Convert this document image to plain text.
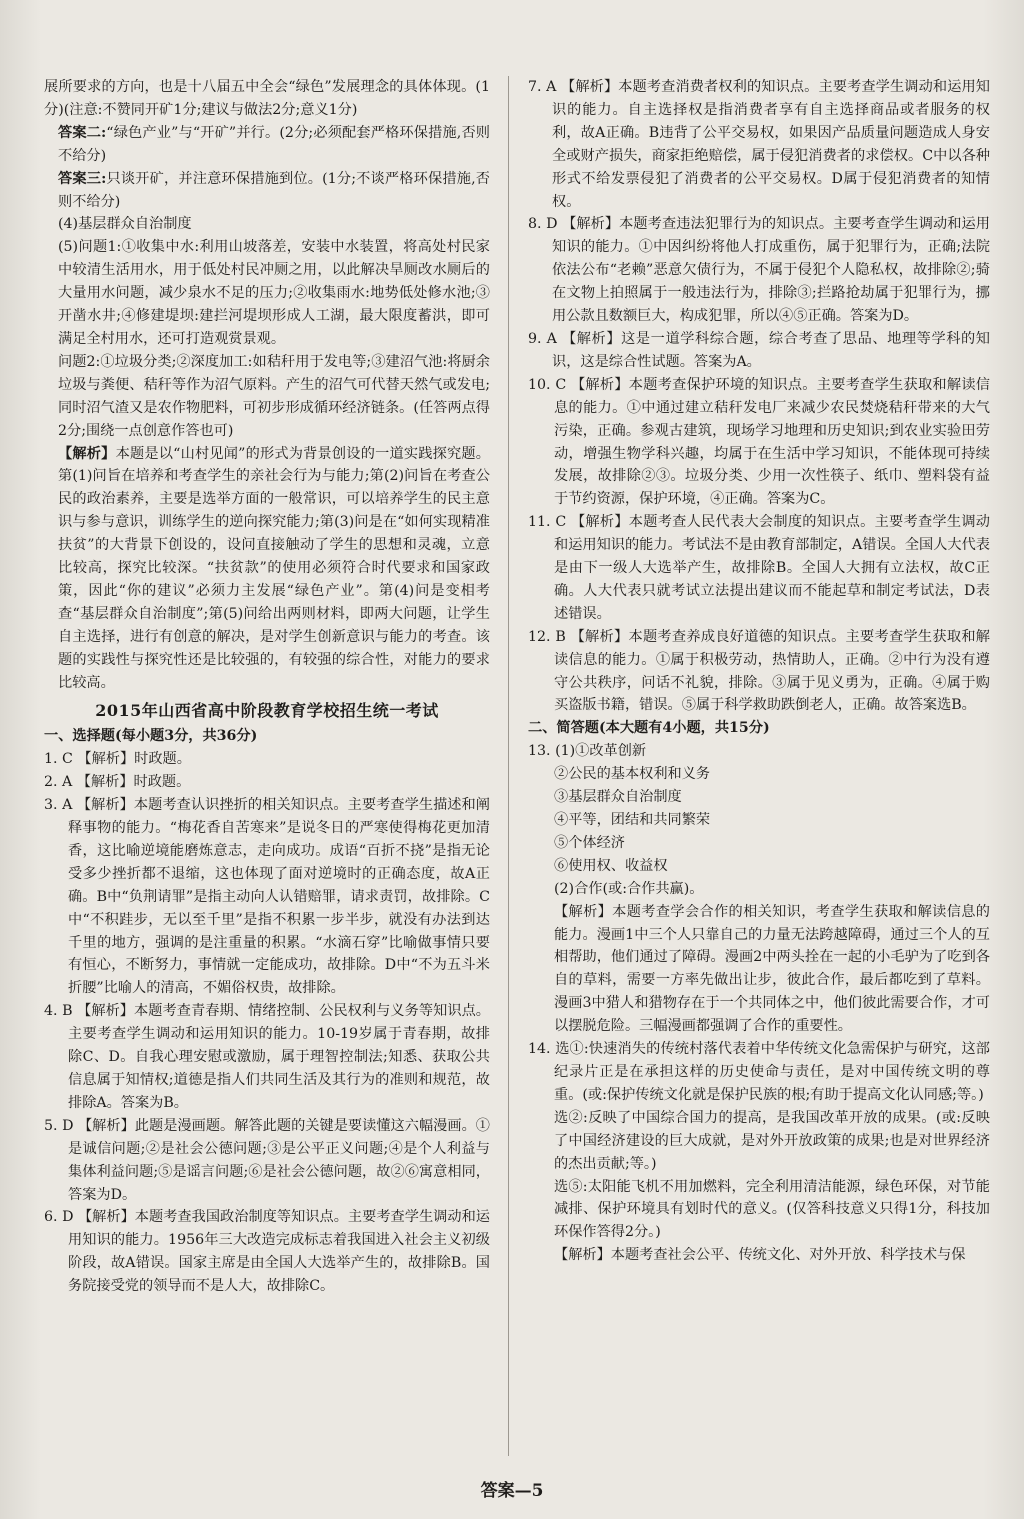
展所要求的方向，也是十八届五中全会“绿色”发展理念的具体体现。(1分)(注意:不赞同开矿1分;建议与做法2分;意义1分)

答案二:“绿色产业”与“开矿”并行。(2分;必须配套严格环保措施,否则不给分)

答案三:只谈开矿，并注意环保措施到位。(1分;不谈严格环保措施,否则不给分)

(4)基层群众自治制度

(5)问题1:①收集中水:利用山坡落差，安装中水装置，将高处村民家中较清生活用水，用于低处村民冲厕之用，以此解决旱厕改水厕后的大量用水问题，减少泉水不足的压力;②收集雨水:地势低处修水池;③开凿水井;④修建堤坝:建拦河堤坝形成人工湖，最大限度蓄洪，即可满足全村用水，还可打造观赏景观。

问题2:①垃圾分类;②深度加工:如秸秆用于发电等;③建沼气池:将厨余垃圾与粪便、秸秆等作为沼气原料。产生的沼气可代替天然气或发电;同时沼气渣又是农作物肥料，可初步形成循环经济链条。(任答两点得2分;围绕一点创意作答也可)

【解析】本题是以“山村见闻”的形式为背景创设的一道实践探究题。第(1)问旨在培养和考查学生的亲社会行为与能力;第(2)问旨在考查公民的政治素养，主要是选举方面的一般常识，可以培养学生的民主意识与参与意识，训练学生的逆向探究能力;第(3)问是在“如何实现精准扶贫”的大背景下创设的，设问直接触动了学生的思想和灵魂，立意比较高，探究比较深。“扶贫款”的使用必须符合时代要求和国家政策，因此“你的建议”必须力主发展“绿色产业”。第(4)问是变相考查“基层群众自治制度”;第(5)问给出两则材料，即两大问题，让学生自主选择，进行有创意的解决，是对学生创新意识与能力的考查。该题的实践性与探究性还是比较强的，有较强的综合性，对能力的要求比较高。

2015年山西省高中阶段教育学校招生统一考试

一、选择题(每小题3分，共36分)

1. C 【解析】时政题。

2. A 【解析】时政题。

3. A 【解析】本题考查认识挫折的相关知识点。主要考查学生描述和阐释事物的能力。“梅花香自苦寒来”是说冬日的严寒使得梅花更加清香，这比喻逆境能磨炼意志，走向成功。成语“百折不挠”是指无论受多少挫折都不退缩，这也体现了面对逆境时的正确态度，故A正确。B中“负荆请罪”是指主动向人认错赔罪，请求责罚，故排除。C中“不积跬步，无以至千里”是指不积累一步半步，就没有办法到达千里的地方，强调的是注重量的积累。“水滴石穿”比喻做事情只要有恒心，不断努力，事情就一定能成功，故排除。D中“不为五斗米折腰”比喻人的清高，不媚俗权贵，故排除。

4. B 【解析】本题考查青春期、情绪控制、公民权利与义务等知识点。主要考查学生调动和运用知识的能力。10-19岁属于青春期，故排除C、D。自我心理安慰或激励，属于理智控制法;知悉、获取公共信息属于知情权;道德是指人们共同生活及其行为的准则和规范，故排除A。答案为B。

5. D 【解析】此题是漫画题。解答此题的关键是要读懂这六幅漫画。①是诚信问题;②是社会公德问题;③是公平正义问题;④是个人利益与集体利益问题;⑤是谣言问题;⑥是社会公德问题，故②⑥寓意相同，答案为D。

6. D 【解析】本题考查我国政治制度等知识点。主要考查学生调动和运用知识的能力。1956年三大改造完成标志着我国进入社会主义初级阶段，故A错误。国家主席是由全国人大选举产生的，故排除B。国务院接受党的领导而不是人大，故排除C。

7. A 【解析】本题考查消费者权利的知识点。主要考查学生调动和运用知识的能力。自主选择权是指消费者享有自主选择商品或者服务的权利，故A正确。B违背了公平交易权，如果因产品质量问题造成人身安全或财产损失，商家拒绝赔偿，属于侵犯消费者的求偿权。C中以各种形式不给发票侵犯了消费者的公平交易权。D属于侵犯消费者的知情权。

8. D 【解析】本题考查违法犯罪行为的知识点。主要考查学生调动和运用知识的能力。①中因纠纷将他人打成重伤，属于犯罪行为，正确;法院依法公布“老赖”恶意欠债行为，不属于侵犯个人隐私权，故排除②;骑在文物上拍照属于一般违法行为，排除③;拦路抢劫属于犯罪行为，挪用公款且数额巨大，构成犯罪，所以④⑤正确。答案为D。

9. A 【解析】这是一道学科综合题，综合考查了思品、地理等学科的知识，这是综合性试题。答案为A。

10. C 【解析】本题考查保护环境的知识点。主要考查学生获取和解读信息的能力。①中通过建立秸秆发电厂来减少农民焚烧秸秆带来的大气污染，正确。参观古建筑，现场学习地理和历史知识;到农业实验田劳动，增强生物学科兴趣，均属于在生活中学习知识，不能体现可持续发展，故排除②③。垃圾分类、少用一次性筷子、纸巾、塑料袋有益于节约资源，保护环境，④正确。答案为C。

11. C 【解析】本题考查人民代表大会制度的知识点。主要考查学生调动和运用知识的能力。考试法不是由教育部制定，A错误。全国人大代表是由下一级人大选举产生，故排除B。全国人大拥有立法权，故C正确。人大代表只就考试立法提出建议而不能起草和制定考试法，D表述错误。

12. B 【解析】本题考查养成良好道德的知识点。主要考查学生获取和解读信息的能力。①属于积极劳动，热情助人，正确。②中行为没有遵守公共秩序，问话不礼貌，排除。③属于见义勇为，正确。④属于购买盗版书籍，错误。⑤属于科学救助跌倒老人，正确。故答案选B。

二、简答题(本大题有4小题，共15分)

13. (1)①改革创新

②公民的基本权利和义务

③基层群众自治制度

④平等，团结和共同繁荣

⑤个体经济

⑥使用权、收益权

(2)合作(或:合作共赢)。

【解析】本题考查学会合作的相关知识，考查学生获取和解读信息的能力。漫画1中三个人只靠自己的力量无法跨越障碍，通过三个人的互相帮助，他们通过了障碍。漫画2中两头拴在一起的小毛驴为了吃到各自的草料，需要一方率先做出让步，彼此合作，最后都吃到了草料。漫画3中猎人和猎物存在于一个共同体之中，他们彼此需要合作，才可以摆脱危险。三幅漫画都强调了合作的重要性。

14. 选①:快速消失的传统村落代表着中华传统文化急需保护与研究，这部纪录片正是在承担这样的历史使命与责任，是对中国传统文明的尊重。(或:保护传统文化就是保护民族的根;有助于提高文化认同感;等。)

选②:反映了中国综合国力的提高，是我国改革开放的成果。(或:反映了中国经济建设的巨大成就，是对外开放政策的成果;也是对世界经济的杰出贡献;等。)

选⑤:太阳能飞机不用加燃料，完全利用清洁能源，绿色环保，对节能减排、保护环境具有划时代的意义。(仅答科技意义只得1分，科技加环保作答得2分。)

【解析】本题考查社会公平、传统文化、对外开放、科学技术与保

答案—5
